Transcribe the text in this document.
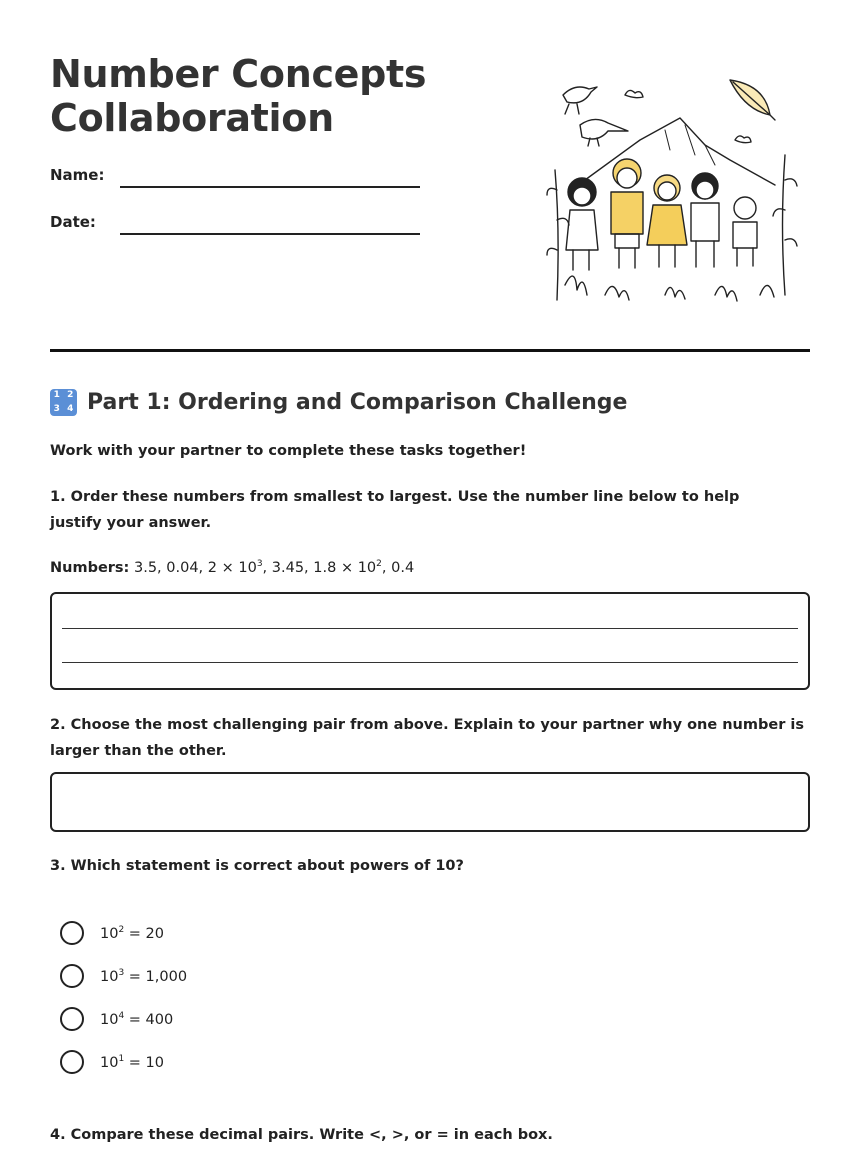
Number Concepts
Collaboration
Name:
Date:
1 2
3 4 Part 1: Ordering and Comparison Challenge
Work with your partner to complete these tasks together!
1. Order these numbers from smallest to largest. Use the number line below to help justify your answer.
Numbers: 3.5, 0.04, $2 \times 10^3$, 3.45, $1.8 \times 10^2$, 0.4
2. Choose the most challenging pair from above. Explain to your partner why one number is larger than the other.
3. Which statement is correct about powers of 10?
$10^2 = 20$
$10^3 = 1,000$
$10^4 = 400$
$10^1 = 10$
4. Compare these decimal pairs. Write <, >, or = in each box.
